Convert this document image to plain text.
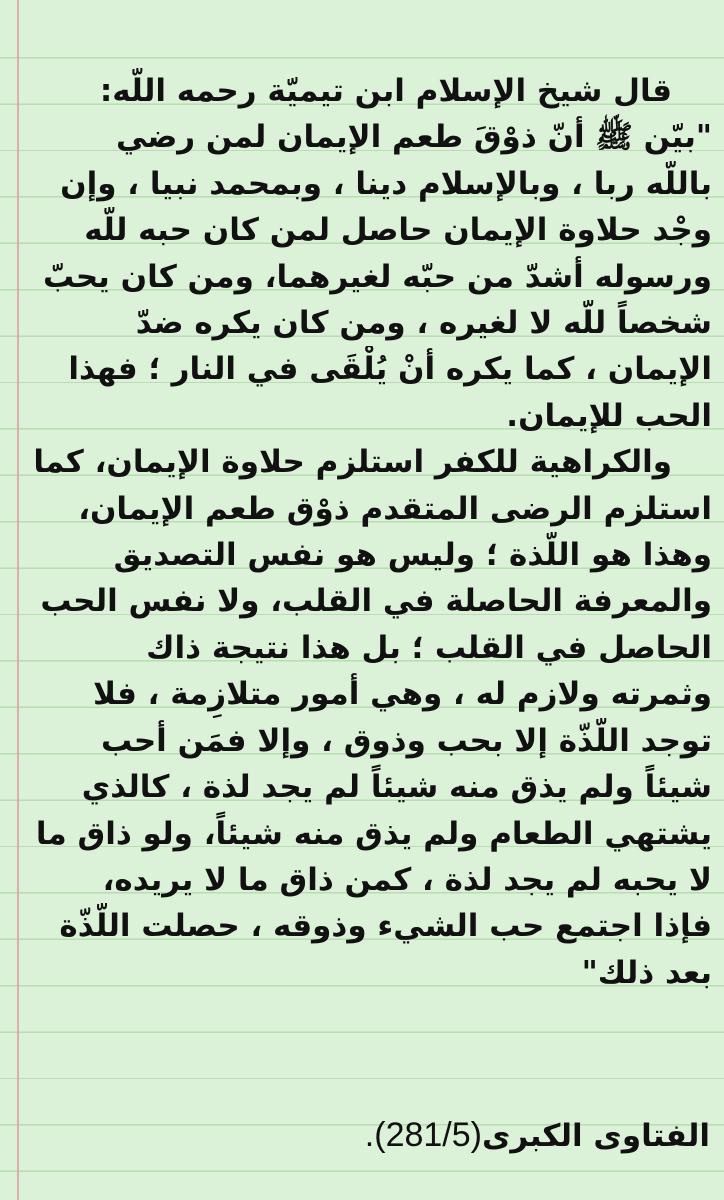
قال شيخ الإسلام ابن تيميّة رحمه اللّه:
"بيّن ﷺ أنّ ذوْقَ طعم الإيمان لمن رضي
باللّه ربا ، وبالإسلام دينا ، وبمحمد نبيا ، وإن
وجْد حلاوة الإيمان حاصل لمن كان حبه للّه
ورسوله أشدّ من حبّه لغيرهما، ومن كان يحبّ
شخصاً للّه لا لغيره ، ومن كان يكره ضدّ
الإيمان ، كما يكره أنْ يُلْقَى في النار ؛ فهذا
الحب للإيمان.
والكراهية للكفر استلزم حلاوة الإيمان، كما
استلزم الرضى المتقدم ذوْق طعم الإيمان،
وهذا هو اللّذة ؛ وليس هو نفس التصديق
والمعرفة الحاصلة في القلب، ولا نفس الحب
الحاصل في القلب ؛ بل هذا نتيجة ذاك
وثمرته ولازم له ، وهي أمور متلازِمة ، فلا
توجد اللّذّة إلا بحب وذوق ، وإلا فمَن أحب
شيئاً ولم يذق منه شيئاً لم يجد لذة ، كالذي
يشتهي الطعام ولم يذق منه شيئاً، ولو ذاق ما
لا يحبه لم يجد لذة ، كمن ذاق ما لا يريده،
فإذا اجتمع حب الشيء وذوقه ، حصلت اللّذّة
بعد ذلك"
الفتاوى الكبرى(281/5).
